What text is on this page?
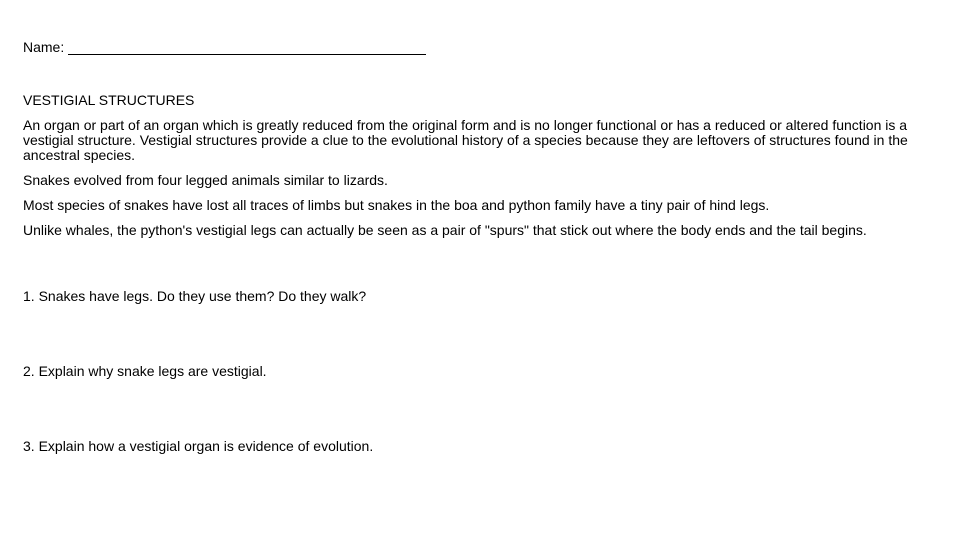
Name:
VESTIGIAL STRUCTURES
An organ or part of an organ which is greatly reduced from the original form and is no longer functional or has a reduced or altered function is a vestigial structure. Vestigial structures provide a clue to the evolutional history of a species because they are leftovers of structures found in the ancestral species.
Snakes evolved from four legged animals similar to lizards.
Most species of snakes have lost all traces of limbs but snakes in the boa and python family have a tiny pair of hind legs.
Unlike whales, the python's vestigial legs can actually be seen as a pair of "spurs" that stick out where the body ends and the tail begins.
1. Snakes have legs. Do they use them? Do they walk?
2. Explain why snake legs are vestigial.
3. Explain how a vestigial organ is evidence of evolution.
